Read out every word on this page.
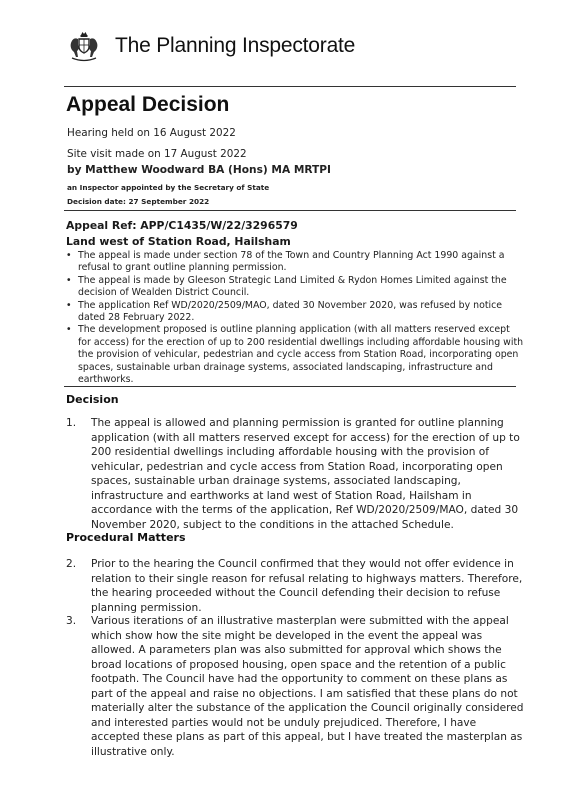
The Planning Inspectorate
Appeal Decision
Hearing held on 16 August 2022
Site visit made on 17 August 2022
by Matthew Woodward BA (Hons) MA MRTPI
an Inspector appointed by the Secretary of State
Decision date: 27 September 2022
Appeal Ref: APP/C1435/W/22/3296579
Land west of Station Road, Hailsham
• The appeal is made under section 78 of the Town and Country Planning Act 1990 against a refusal to grant outline planning permission.
• The appeal is made by Gleeson Strategic Land Limited & Rydon Homes Limited against the decision of Wealden District Council.
• The application Ref WD/2020/2509/MAO, dated 30 November 2020, was refused by notice dated 28 February 2022.
• The development proposed is outline planning application (with all matters reserved except for access) for the erection of up to 200 residential dwellings including affordable housing with the provision of vehicular, pedestrian and cycle access from Station Road, incorporating open spaces, sustainable urban drainage systems, associated landscaping, infrastructure and earthworks.
Decision
1. The appeal is allowed and planning permission is granted for outline planning application (with all matters reserved except for access) for the erection of up to 200 residential dwellings including affordable housing with the provision of vehicular, pedestrian and cycle access from Station Road, incorporating open spaces, sustainable urban drainage systems, associated landscaping, infrastructure and earthworks at land west of Station Road, Hailsham in accordance with the terms of the application, Ref WD/2020/2509/MAO, dated 30 November 2020, subject to the conditions in the attached Schedule.
Procedural Matters
2. Prior to the hearing the Council confirmed that they would not offer evidence in relation to their single reason for refusal relating to highways matters. Therefore, the hearing proceeded without the Council defending their decision to refuse planning permission.
3. Various iterations of an illustrative masterplan were submitted with the appeal which show how the site might be developed in the event the appeal was allowed. A parameters plan was also submitted for approval which shows the broad locations of proposed housing, open space and the retention of a public footpath. The Council have had the opportunity to comment on these plans as part of the appeal and raise no objections. I am satisfied that these plans do not materially alter the substance of the application the Council originally considered and interested parties would not be unduly prejudiced. Therefore, I have accepted these plans as part of this appeal, but I have treated the masterplan as illustrative only.
